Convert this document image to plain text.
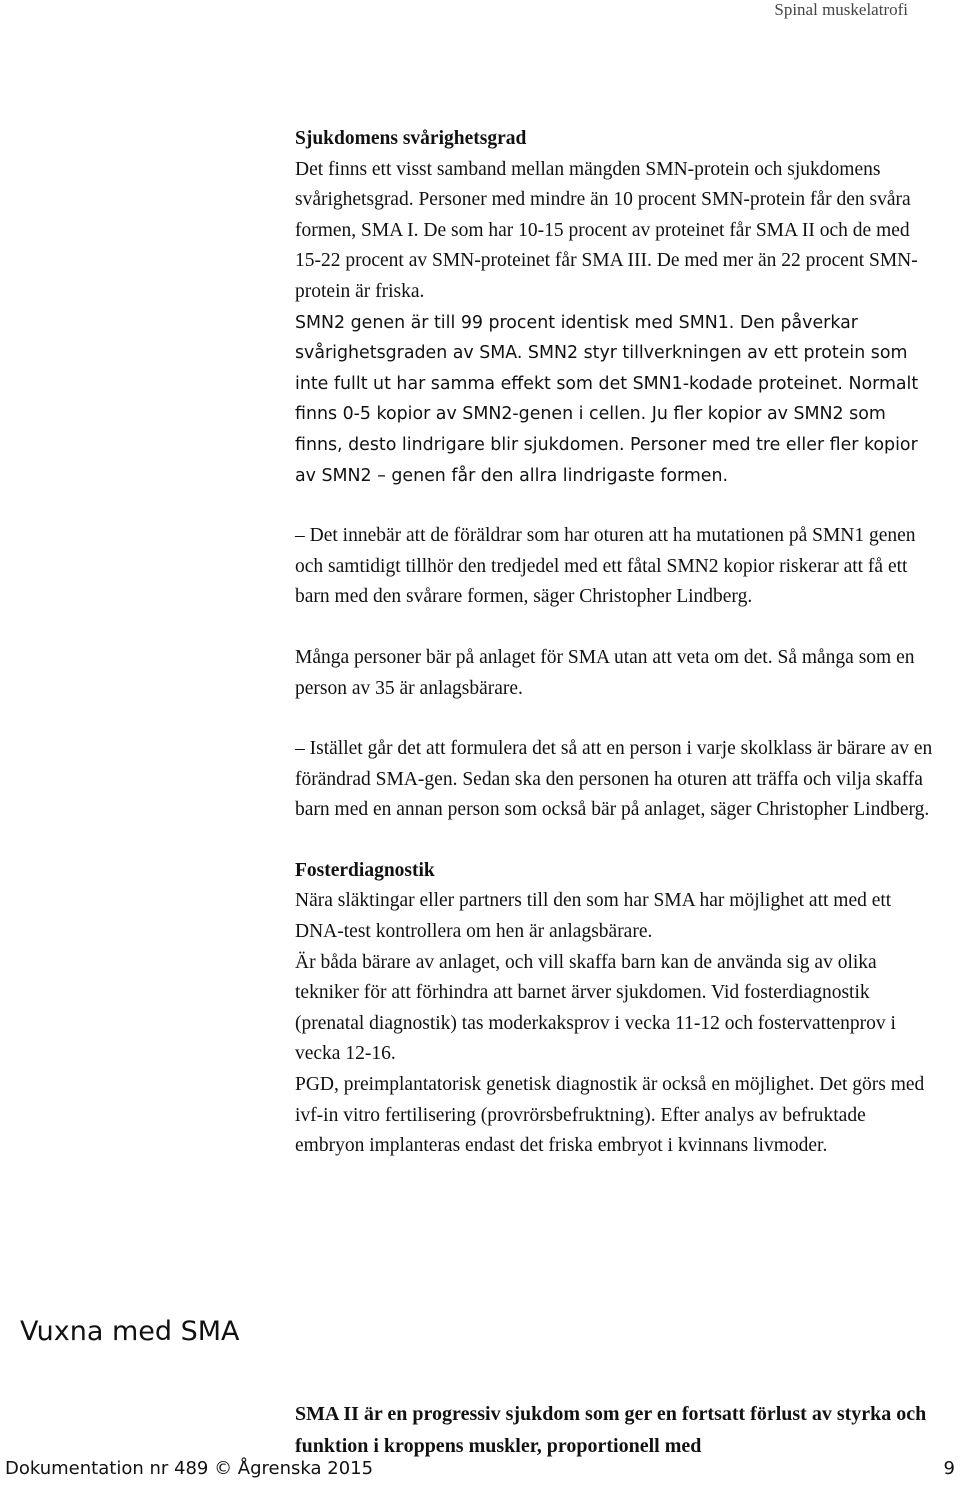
Spinal muskelatrofi

Sjukdomens svårighetsgrad

Det finns ett visst samband mellan mängden SMN-protein och sjukdomens svårighetsgrad. Personer med mindre än 10 procent SMN-protein får den svåra formen, SMA I. De som har 10-15 procent av proteinet får SMA II och de med 15-22 procent av SMN-proteinet får SMA III. De med mer än 22 procent SMN-protein är friska.

SMN2 genen är till 99 procent identisk med SMN1. Den påverkar svårighetsgraden av SMA. SMN2 styr tillverkningen av ett protein som inte fullt ut har samma effekt som det SMN1-kodade proteinet. Normalt finns 0-5 kopior av SMN2-genen i cellen. Ju fler kopior av SMN2 som finns, desto lindrigare blir sjukdomen. Personer med tre eller fler kopior av SMN2 – genen får den allra lindrigaste formen.

– Det innebär att de föräldrar som har oturen att ha mutationen på SMN1 genen och samtidigt tillhör den tredjedel med ett fåtal SMN2 kopior riskerar att få ett barn med den svårare formen, säger Christopher Lindberg.

Många personer bär på anlaget för SMA utan att veta om det. Så många som en person av 35 är anlagsbärare.

– Istället går det att formulera det så att en person i varje skolklass är bärare av en förändrad SMA-gen. Sedan ska den personen ha oturen att träffa och vilja skaffa barn med en annan person som också bär på anlaget, säger Christopher Lindberg.

Fosterdiagnostik

Nära släktingar eller partners till den som har SMA har möjlighet att med ett DNA-test kontrollera om hen är anlagsbärare.

Är båda bärare av anlaget, och vill skaffa barn kan de använda sig av olika tekniker för att förhindra att barnet ärver sjukdomen. Vid fosterdiagnostik (prenatal diagnostik) tas moderkaksprov i vecka 11-12 och fostervattenprov i vecka 12-16.

PGD, preimplantatorisk genetisk diagnostik är också en möjlighet. Det görs med ivf-in vitro fertilisering (provrörsbefruktning). Efter analys av befruktade embryon implanteras endast det friska embryot i kvinnans livmoder.

Vuxna med SMA

SMA II är en progressiv sjukdom som ger en fortsatt förlust av styrka och funktion i kroppens muskler, proportionell med

Dokumentation nr 489 © Ågrenska 2015	9
